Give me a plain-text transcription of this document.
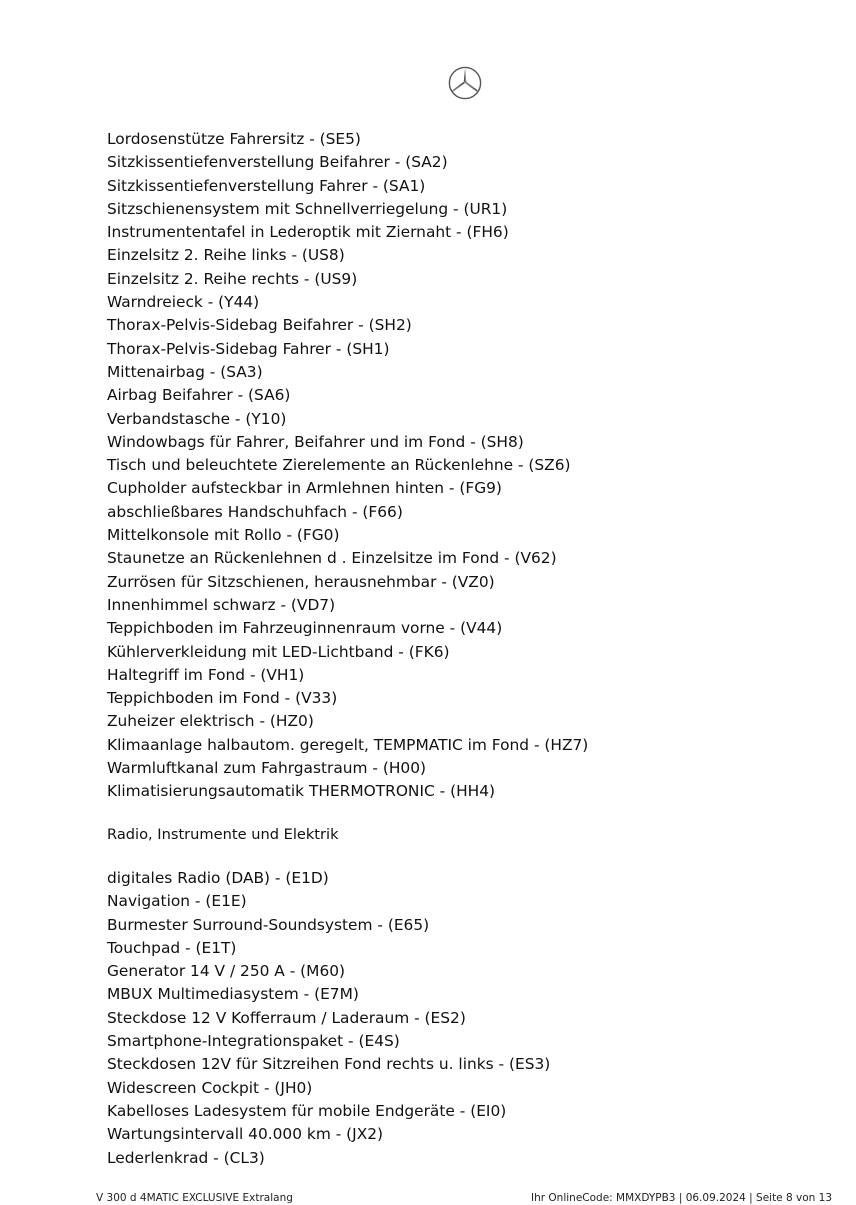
Lordosenstütze Fahrersitz - (SE5)
Sitzkissentiefenverstellung Beifahrer - (SA2)
Sitzkissentiefenverstellung Fahrer - (SA1)
Sitzschienensystem mit Schnellverriegelung - (UR1)
Instrumententafel in Lederoptik mit Ziernaht - (FH6)
Einzelsitz 2. Reihe links - (US8)
Einzelsitz 2. Reihe rechts - (US9)
Warndreieck - (Y44)
Thorax-Pelvis-Sidebag Beifahrer - (SH2)
Thorax-Pelvis-Sidebag Fahrer - (SH1)
Mittenairbag - (SA3)
Airbag Beifahrer - (SA6)
Verbandstasche - (Y10)
Windowbags für Fahrer, Beifahrer und im Fond - (SH8)
Tisch und beleuchtete Zierelemente an Rückenlehne - (SZ6)
Cupholder aufsteckbar in Armlehnen hinten - (FG9)
abschließbares Handschuhfach - (F66)
Mittelkonsole mit Rollo - (FG0)
Staunetze an Rückenlehnen d . Einzelsitze im Fond - (V62)
Zurrösen für Sitzschienen, herausnehmbar - (VZ0)
Innenhimmel schwarz - (VD7)
Teppichboden im Fahrzeuginnenraum vorne - (V44)
Kühlerverkleidung mit LED-Lichtband - (FK6)
Haltegriff im Fond - (VH1)
Teppichboden im Fond - (V33)
Zuheizer elektrisch - (HZ0)
Klimaanlage halbautom. geregelt, TEMPMATIC im Fond - (HZ7)
Warmluftkanal zum Fahrgastraum - (H00)
Klimatisierungsautomatik THERMOTRONIC - (HH4)
Radio, Instrumente und Elektrik
digitales Radio (DAB) - (E1D)
Navigation - (E1E)
Burmester Surround-Soundsystem - (E65)
Touchpad - (E1T)
Generator 14 V / 250 A - (M60)
MBUX Multimediasystem - (E7M)
Steckdose 12 V Kofferraum / Laderaum - (ES2)
Smartphone-Integrationspaket - (E4S)
Steckdosen 12V für Sitzreihen Fond rechts u. links - (ES3)
Widescreen Cockpit - (JH0)
Kabelloses Ladesystem für mobile Endgeräte - (EI0)
Wartungsintervall 40.000 km - (JX2)
Lederlenkrad - (CL3)
V 300 d 4MATIC EXCLUSIVE Extralang	Ihr OnlineCode: MMXDYPB3 | 06.09.2024 | Seite 8 von 13
